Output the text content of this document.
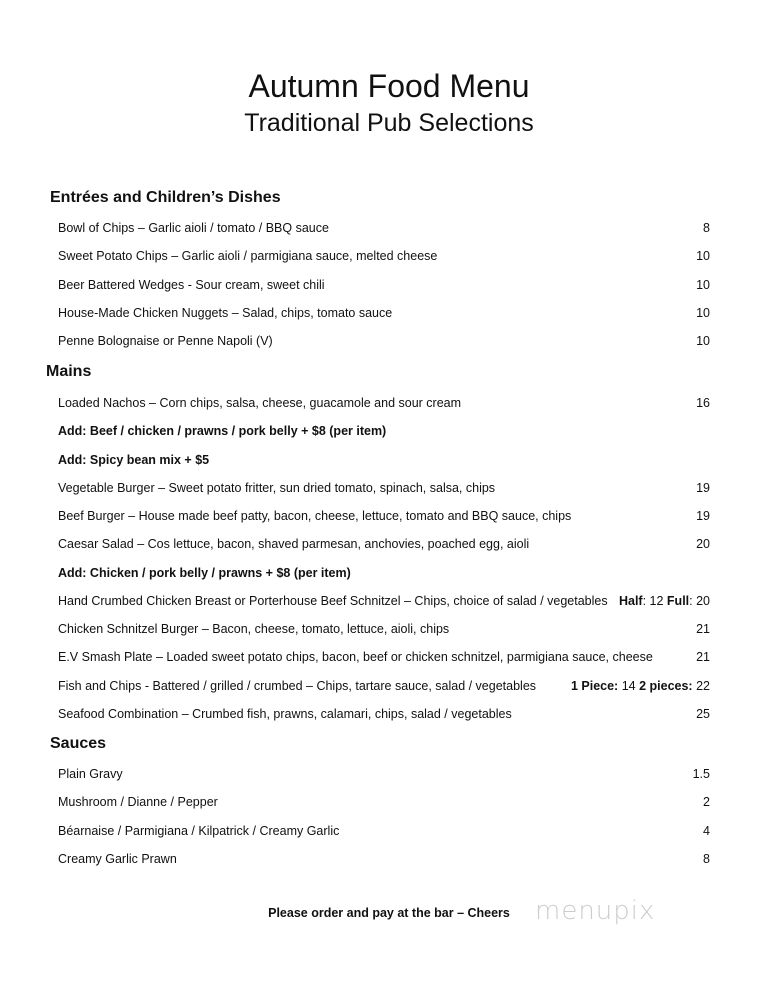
Autumn Food Menu
Traditional Pub Selections
Entrées and Children’s Dishes
Bowl of Chips – Garlic aioli / tomato / BBQ sauce	8
Sweet Potato Chips – Garlic aioli / parmigiana sauce, melted cheese	10
Beer Battered Wedges - Sour cream, sweet chili	10
House-Made Chicken Nuggets – Salad, chips, tomato sauce	10
Penne Bolognaise or Penne Napoli (V)	10
Mains
Loaded Nachos – Corn chips, salsa, cheese, guacamole and sour cream	16
Add: Beef / chicken / prawns / pork belly + $8 (per item)
Add: Spicy bean mix + $5
Vegetable Burger – Sweet potato fritter, sun dried tomato, spinach, salsa, chips	19
Beef Burger – House made beef patty, bacon, cheese, lettuce, tomato and BBQ sauce, chips	19
Caesar Salad – Cos lettuce, bacon, shaved parmesan, anchovies, poached egg, aioli	20
Add: Chicken / pork belly / prawns + $8 (per item)
Hand Crumbed Chicken Breast or Porterhouse Beef Schnitzel – Chips, choice of salad / vegetables Half: 12 Full: 20
Chicken Schnitzel Burger – Bacon, cheese, tomato, lettuce, aioli, chips	21
E.V Smash Plate – Loaded sweet potato chips, bacon, beef or chicken schnitzel, parmigiana sauce, cheese	21
Fish and Chips - Battered / grilled / crumbed – Chips, tartare sauce, salad / vegetables	1 Piece: 14 2 pieces: 22
Seafood Combination – Crumbed fish, prawns, calamari, chips, salad / vegetables	25
Sauces
Plain Gravy	1.5
Mushroom / Dianne / Pepper	2
Béarnaise / Parmigiana / Kilpatrick / Creamy Garlic	4
Creamy Garlic Prawn	8
Please order and pay at the bar – Cheers menupix
